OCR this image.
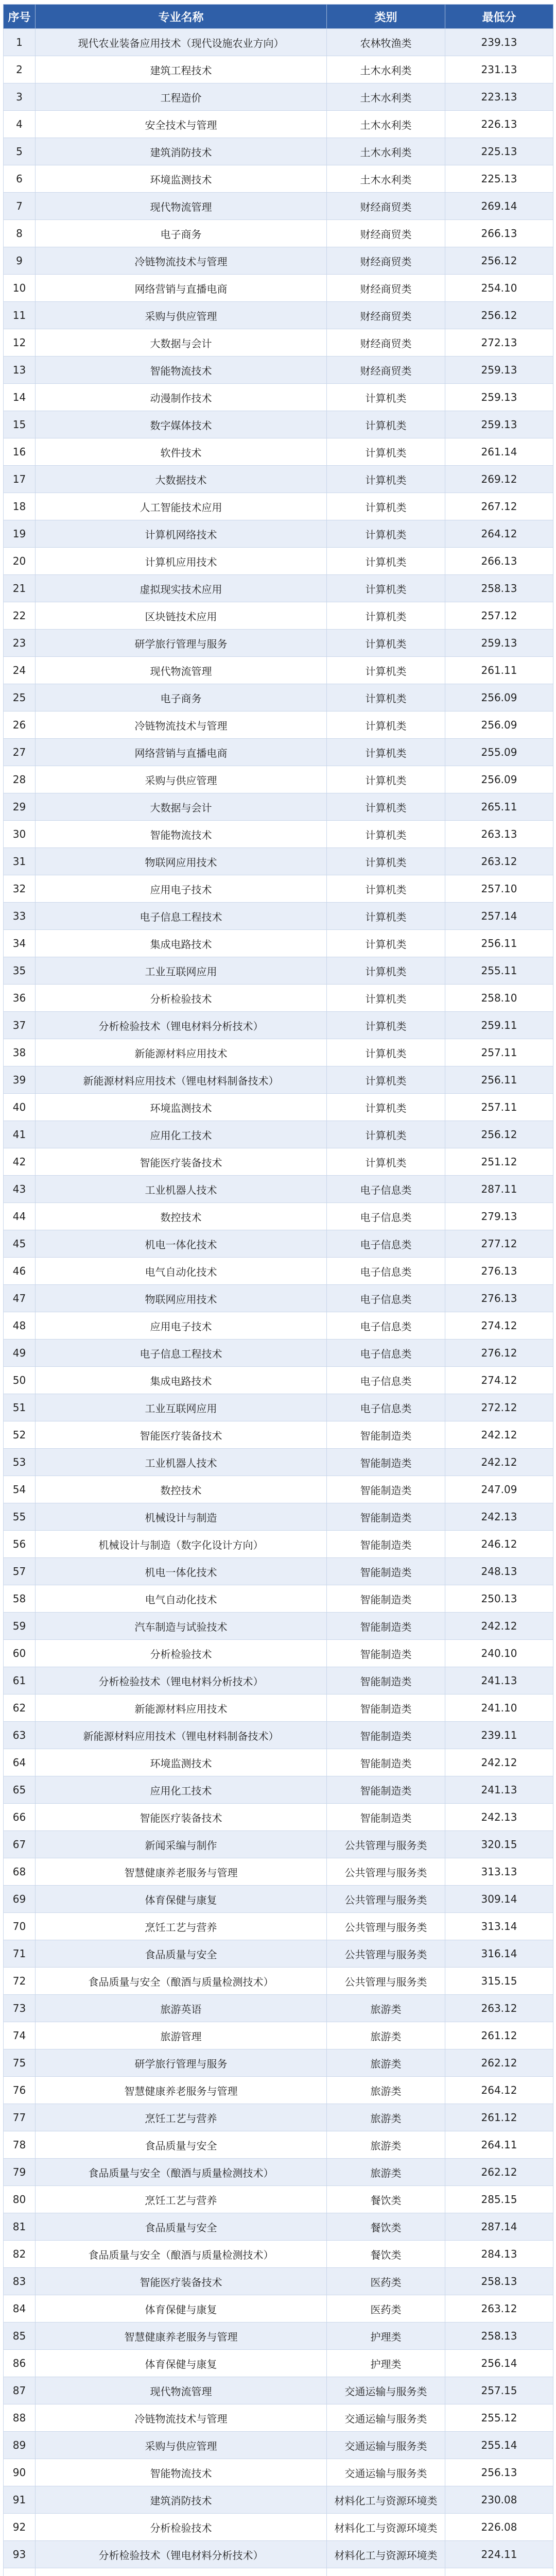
序号	专业名称	类别	最低分
1	现代农业装备应用技术（现代设施农业方向）	农林牧渔类	239.13
2	建筑工程技术	土木水利类	231.13
3	工程造价	土木水利类	223.13
4	安全技术与管理	土木水利类	226.13
5	建筑消防技术	土木水利类	225.13
6	环境监测技术	土木水利类	225.13
7	现代物流管理	财经商贸类	269.14
8	电子商务	财经商贸类	266.13
9	冷链物流技术与管理	财经商贸类	256.12
10	网络营销与直播电商	财经商贸类	254.10
11	采购与供应管理	财经商贸类	256.12
12	大数据与会计	财经商贸类	272.13
13	智能物流技术	财经商贸类	259.13
14	动漫制作技术	计算机类	259.13
15	数字媒体技术	计算机类	259.13
16	软件技术	计算机类	261.14
17	大数据技术	计算机类	269.12
18	人工智能技术应用	计算机类	267.12
19	计算机网络技术	计算机类	264.12
20	计算机应用技术	计算机类	266.13
21	虚拟现实技术应用	计算机类	258.13
22	区块链技术应用	计算机类	257.12
23	研学旅行管理与服务	计算机类	259.13
24	现代物流管理	计算机类	261.11
25	电子商务	计算机类	256.09
26	冷链物流技术与管理	计算机类	256.09
27	网络营销与直播电商	计算机类	255.09
28	采购与供应管理	计算机类	256.09
29	大数据与会计	计算机类	265.11
30	智能物流技术	计算机类	263.13
31	物联网应用技术	计算机类	263.12
32	应用电子技术	计算机类	257.10
33	电子信息工程技术	计算机类	257.14
34	集成电路技术	计算机类	256.11
35	工业互联网应用	计算机类	255.11
36	分析检验技术	计算机类	258.10
37	分析检验技术（锂电材料分析技术）	计算机类	259.11
38	新能源材料应用技术	计算机类	257.11
39	新能源材料应用技术（锂电材料制备技术）	计算机类	256.11
40	环境监测技术	计算机类	257.11
41	应用化工技术	计算机类	256.12
42	智能医疗装备技术	计算机类	251.12
43	工业机器人技术	电子信息类	287.11
44	数控技术	电子信息类	279.13
45	机电一体化技术	电子信息类	277.12
46	电气自动化技术	电子信息类	276.13
47	物联网应用技术	电子信息类	276.13
48	应用电子技术	电子信息类	274.12
49	电子信息工程技术	电子信息类	276.12
50	集成电路技术	电子信息类	274.12
51	工业互联网应用	电子信息类	272.12
52	智能医疗装备技术	智能制造类	242.12
53	工业机器人技术	智能制造类	242.12
54	数控技术	智能制造类	247.09
55	机械设计与制造	智能制造类	242.13
56	机械设计与制造（数字化设计方向）	智能制造类	246.12
57	机电一体化技术	智能制造类	248.13
58	电气自动化技术	智能制造类	250.13
59	汽车制造与试验技术	智能制造类	242.12
60	分析检验技术	智能制造类	240.10
61	分析检验技术（锂电材料分析技术）	智能制造类	241.13
62	新能源材料应用技术	智能制造类	241.10
63	新能源材料应用技术（锂电材料制备技术）	智能制造类	239.11
64	环境监测技术	智能制造类	242.12
65	应用化工技术	智能制造类	241.13
66	智能医疗装备技术	智能制造类	242.13
67	新闻采编与制作	公共管理与服务类	320.15
68	智慧健康养老服务与管理	公共管理与服务类	313.13
69	体育保健与康复	公共管理与服务类	309.14
70	烹饪工艺与营养	公共管理与服务类	313.14
71	食品质量与安全	公共管理与服务类	316.14
72	食品质量与安全（酿酒与质量检测技术）	公共管理与服务类	315.15
73	旅游英语	旅游类	263.12
74	旅游管理	旅游类	261.12
75	研学旅行管理与服务	旅游类	262.12
76	智慧健康养老服务与管理	旅游类	264.12
77	烹饪工艺与营养	旅游类	261.12
78	食品质量与安全	旅游类	264.11
79	食品质量与安全（酿酒与质量检测技术）	旅游类	262.12
80	烹饪工艺与营养	餐饮类	285.15
81	食品质量与安全	餐饮类	287.14
82	食品质量与安全（酿酒与质量检测技术）	餐饮类	284.13
83	智能医疗装备技术	医药类	258.13
84	体育保健与康复	医药类	263.12
85	智慧健康养老服务与管理	护理类	258.13
86	体育保健与康复	护理类	256.14
87	现代物流管理	交通运输与服务类	257.15
88	冷链物流技术与管理	交通运输与服务类	255.12
89	采购与供应管理	交通运输与服务类	255.14
90	智能物流技术	交通运输与服务类	256.13
91	建筑消防技术	材料化工与资源环境类	230.08
92	分析检验技术	材料化工与资源环境类	226.08
93	分析检验技术（锂电材料分析技术）	材料化工与资源环境类	224.11
